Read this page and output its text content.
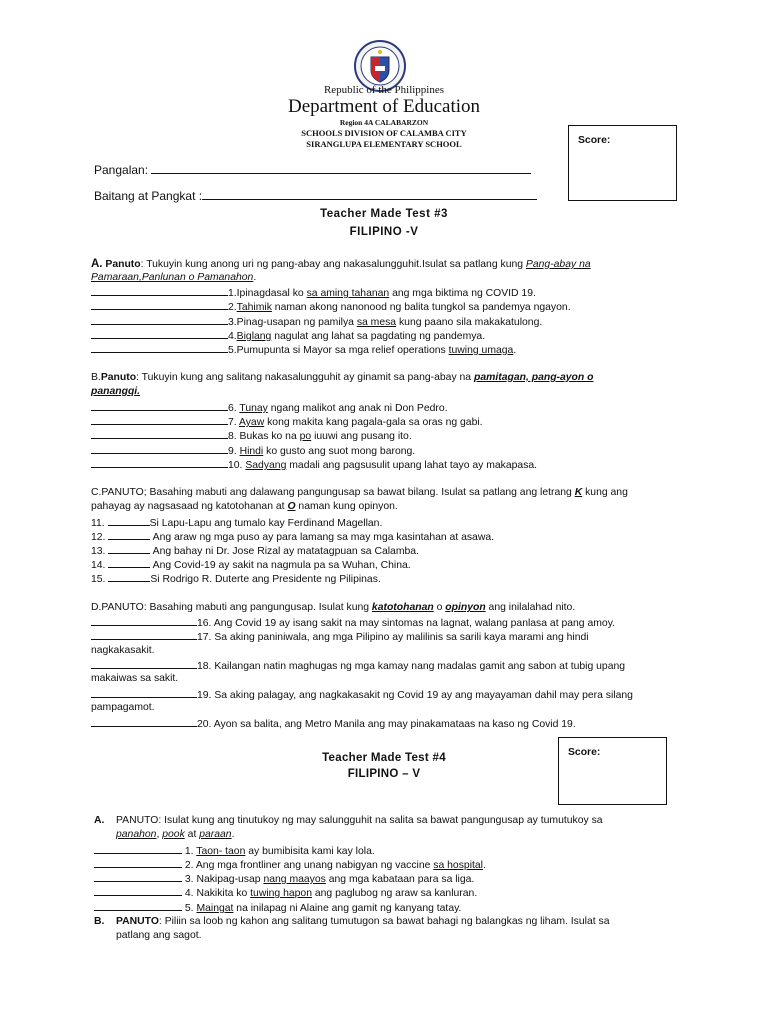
Republic of the Philippines
Department of Education
Region 4A CALABARZON
SCHOOLS DIVISION OF CALAMBA CITY
SIRANGLUPA ELEMENTARY SCHOOL	Score:
Pangalan:
Baitang at Pangkat :
Teacher Made Test #3
FILIPINO -V
A. Panuto: Tukuyin kung anong uri ng pang-abay ang nakasalungguhit.Isulat sa patlang kung Pang-abay na
Pamaraan,Panlunan o Pamanahon.
1.Ipinagdasal ko sa aming tahanan ang mga biktima ng COVID 19.
2.Tahimik naman akong nanonood ng balita tungkol sa pandemya ngayon.
3.Pinag-usapan ng pamilya sa mesa kung paano sila makakatulong.
4.Biglang nagulat ang lahat sa pagdating ng pandemya.
5.Pumupunta si Mayor sa mga relief operations tuwing umaga.
B.Panuto: Tukuyin kung ang salitang nakasalungguhit ay ginamit sa pang-abay na pamitagan, pang-ayon o
panangqi.
6. Tunay ngang malikot ang anak ni Don Pedro.
7. Ayaw kong makita kang pagala-gala sa oras ng gabi.
8. Bukas ko na po iuuwi ang pusang ito.
9. Hindi ko gusto ang suot mong barong.
10. Sadyang madali ang pagsusulit upang lahat tayo ay makapasa.
C.PANUTO; Basahing mabuti ang dalawang pangungusap sa bawat bilang. Isulat sa patlang ang letrang K kung ang
pahayag ay nagsasaad ng katotohanan at O naman kung opinyon.
11.	Si Lapu-Lapu ang tumalo kay Ferdinand Magellan.
12.	Ang araw ng mga puso ay para lamang sa may mga kasintahan at asawa.
13.	Ang bahay ni Dr. Jose Rizal ay matatagpuan sa Calamba.
14.	Ang Covid-19 ay sakit na nagmula pa sa Wuhan, China.
15.	Si Rodrigo R. Duterte ang Presidente ng Pilipinas.
D.PANUTO: Basahing mabuti ang pangungusap. Isulat kung katotohanan o opinyon ang inilalahad nito.
16. Ang Covid 19 ay isang sakit na may sintomas na lagnat, walang panlasa at pang amoy.
17. Sa aking paniniwala, ang mga Pilipino ay malilinis sa sarili kaya marami ang hindi
nagkakasakit.
18. Kailangan natin maghugas ng mga kamay nang madalas gamit ang sabon at tubig upang
makaiwas sa sakit.
19. Sa aking palagay, ang nagkakasakit ng Covid 19 ay ang mayayaman dahil may pera silang
pampagamot.
20. Ayon sa balita, ang Metro Manila ang may pinakamataas na kaso ng Covid 19.
Teacher Made Test #4
FILIPINO – V
Score:
A. PANUTO: Isulat kung ang tinutukoy ng may salungguhit na salita sa bawat pangungusap ay tumutukoy sa
panahon, pook at paraan.
1. Taon- taon ay bumibisita kami kay lola.
2. Ang mga frontliner ang unang nabigyan ng vaccine sa hospital.
3. Nakipag-usap nang maayos ang mga kabataan para sa liga.
4. Nakikita ko tuwing hapon ang paglubog ng araw sa kanluran.
5. Maingat na inilapag ni Alaine ang gamit ng kanyang tatay.
B. PANUTO: Piliin sa loob ng kahon ang salitang tumutugon sa bawat bahagi ng balangkas ng liham. Isulat sa
patlang ang sagot.
